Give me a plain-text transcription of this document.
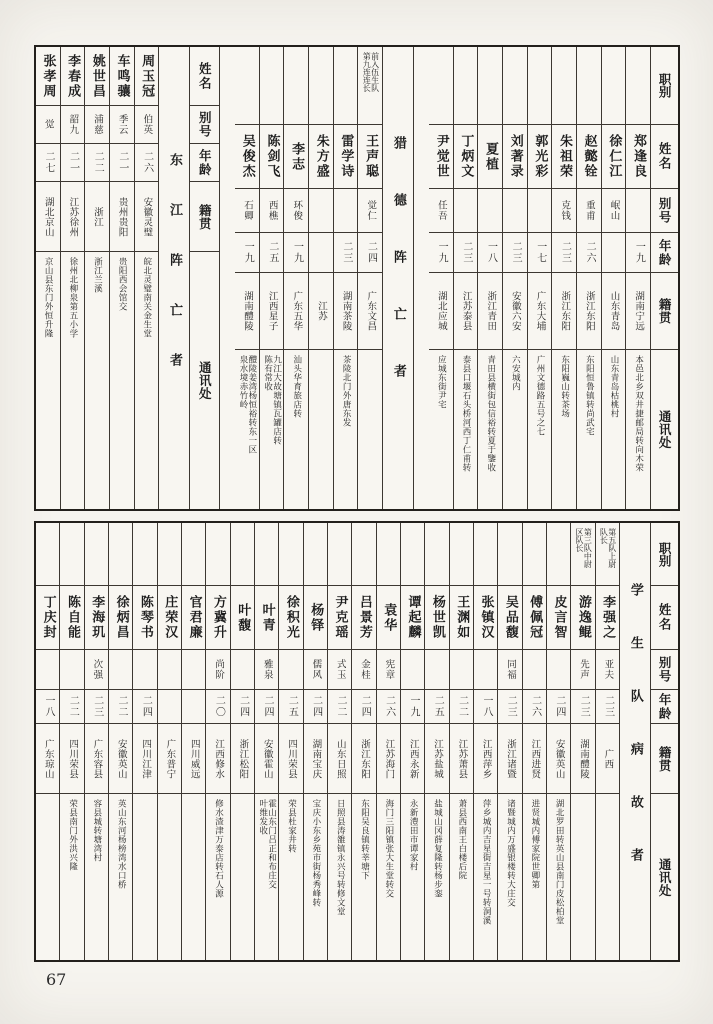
职别
姓名
别号
年龄
籍贯
通讯处
郑逢良
一九
湖南宁远
本邑北乡双井捷邮局转向木荣
徐仁江
岷山
山东青岛
山东青岛枯桃村
赵懿铨
重甫
二六
浙江东阳
东阳恒鲁镇转尚武宅
朱祖荣
克钱
二三
浙江东阳
东阳巍山转茶场
郭光彩
一七
广东大埔
广州文德路五号之七
刘著录
二三
安徽六安
六安城内
夏植
一八
浙江青田
青田县横街包信裕转夏于鑒收
丁炳文
二三
江苏泰县
泰县口堰石头桥河西丁仁甫转
尹觉世
任吾
一九
湖北应城
应城东街尹宅
猎德阵亡者
前入伍生队
第九连连长
王声聪
觉仁
二四
广东文昌
雷学诗
二三
湖南茶陵
茶陵北门外唐东发
朱方盛
江苏
李志
环俊
一九
广东五华
汕头华育旅店转
陈剑飞
西樵
二五
江西星子
九江大故塘镇瓦罐店转
陈有常收
吴俊杰
石卿
一九
湖南醴陵
醴陵姜湾杨恒裕转东一区
泉水境赤竹岭
姓名
别号
年龄
籍贯
通讯处
东江阵亡者
周玉冠
伯英
二六
安徽灵璧
皖北灵璧南关金生堂
车鸣骧
季云
二一
贵州贵阳
贵阳西会馆交
姚世昌
浦慈
二二
浙江
浙江兰溪
李春成
韶九
二一
江苏徐州
徐州北柳泉第五小学
张孝周
觉
二七
湖北京山
京山县东门外恒升隆
职别
姓名
别号
年龄
籍贯
通讯处
学生队病故者
第五队上尉
队长
李强之
亚夫
二三
广西
第三队中尉
区队长
游逸鲲
先声
二三
湖南醴陵
皮言智
二四
安徽英山
湖北罗田转英山县南门皮松柏堂
傅佩冠
二六
江西进贤
进贤城内傅家院世卿第
吴品馥
同福
二三
浙江诸暨
诸暨城内万盛银楼转大庄交
张镇汉
一八
江西萍乡
萍乡城内吉星街吉星一号转洞溪
王渊如
二二
江苏萧县
萧县西南王白楼后院
杨世凯
二五
江苏盐城
盐城山冈薛复隆转杨步銮
谭起麟
一九
江西永新
永新澧田市谭家村
袁华
宪章
二六
江苏海门
海门三阳镇张大生堂转交
吕景芳
金桂
二四
浙江东阳
东阳吴良镇转莘塘下
尹克瑶
式玉
二二
山东日照
日照县涛雒镇永兴号转修文堂
杨铎
儒风
二四
湖南宝庆
宝庆小东乡苑市街杨秀峰转
徐积光
二五
四川荣县
荣县杜家井转
叶青
雅泉
二四
安徽霍山
霍山东门吕正和布庄交
叶维发收
叶馥
二四
浙江松阳
方冀升
尚阶
二〇
江西修水
修水渣津万泰店转石人源
官君廉
四川威远
庄荣汉
广东普宁
陈琴书
二四
四川江津
徐炳昌
二二
安徽英山
英山东河杨榜湾水口桥
李海玑
次强
二三
广东容县
容县城转塘湾村
陈自能
二二
四川荣县
荣县南门外洪兴隆
丁庆封
一八
广东琼山
67
